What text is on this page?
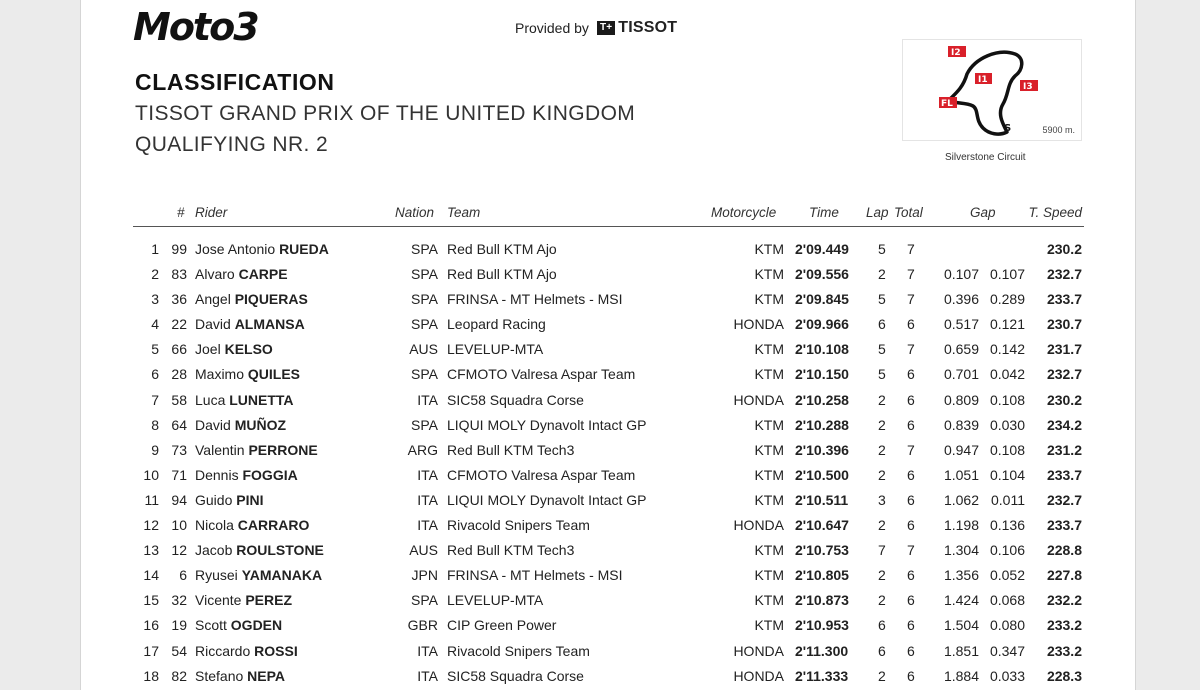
Moto3	Provided by	T+ TISSOT
CLASSIFICATION
TISSOT GRAND PRIX OF THE UNITED KINGDOM
QUALIFYING NR. 2
I2
I1
I3
FL
S	5900 m.
Silverstone Circuit
# Rider	Nation Team	Motorcycle Time Lap Total	Gap T. Speed
1 99 Jose Antonio RUEDA	SPA Red Bull KTM Ajo	KTM 2'09.449 5 7	230.2
2 83 Alvaro CARPE	SPA Red Bull KTM Ajo	KTM 2'09.556 2 7	0.107 0.107 232.7
3 36 Angel PIQUERAS	SPA FRINSA - MT Helmets - MSI	KTM 2'09.845 5 7	0.396 0.289 233.7
4 22 David ALMANSA	SPA Leopard Racing	HONDA 2'09.966 6 6	0.517 0.121 230.7
5 66 Joel KELSO	AUS LEVELUP-MTA	KTM 2'10.108 5 7	0.659 0.142 231.7
6 28 Maximo QUILES	SPA CFMOTO Valresa Aspar Team	KTM 2'10.150 5 6	0.701 0.042 232.7
7 58 Luca LUNETTA	ITA SIC58 Squadra Corse	HONDA 2'10.258 2 6	0.809 0.108 230.2
8 64 David MUÑOZ	SPA LIQUI MOLY Dynavolt Intact GP	KTM 2'10.288 2 6	0.839 0.030 234.2
9 73 Valentin PERRONE	ARG Red Bull KTM Tech3	KTM 2'10.396 2 7	0.947 0.108 231.2
10 71 Dennis FOGGIA	ITA CFMOTO Valresa Aspar Team	KTM 2'10.500 2 6	1.051 0.104 233.7
11 94 Guido PINI	ITA LIQUI MOLY Dynavolt Intact GP	KTM 2'10.511 3 6	1.062 0.011 232.7
12 10 Nicola CARRARO	ITA Rivacold Snipers Team	HONDA 2'10.647 2 6	1.198 0.136 233.7
13 12 Jacob ROULSTONE	AUS Red Bull KTM Tech3	KTM 2'10.753 7 7	1.304 0.106 228.8
14	6 Ryusei YAMANAKA	JPN FRINSA - MT Helmets - MSI	KTM 2'10.805 2 6	1.356 0.052 227.8
15 32 Vicente PEREZ	SPA LEVELUP-MTA	KTM 2'10.873 2 6	1.424 0.068 232.2
16 19 Scott OGDEN	GBR CIP Green Power	KTM 2'10.953 6 6	1.504 0.080 233.2
17 54 Riccardo ROSSI	ITA Rivacold Snipers Team	HONDA 2'11.300 6 6	1.851 0.347 233.2
18 82 Stefano NEPA	ITA SIC58 Squadra Corse	HONDA 2'11.333 2 6	1.884 0.033 228.3
